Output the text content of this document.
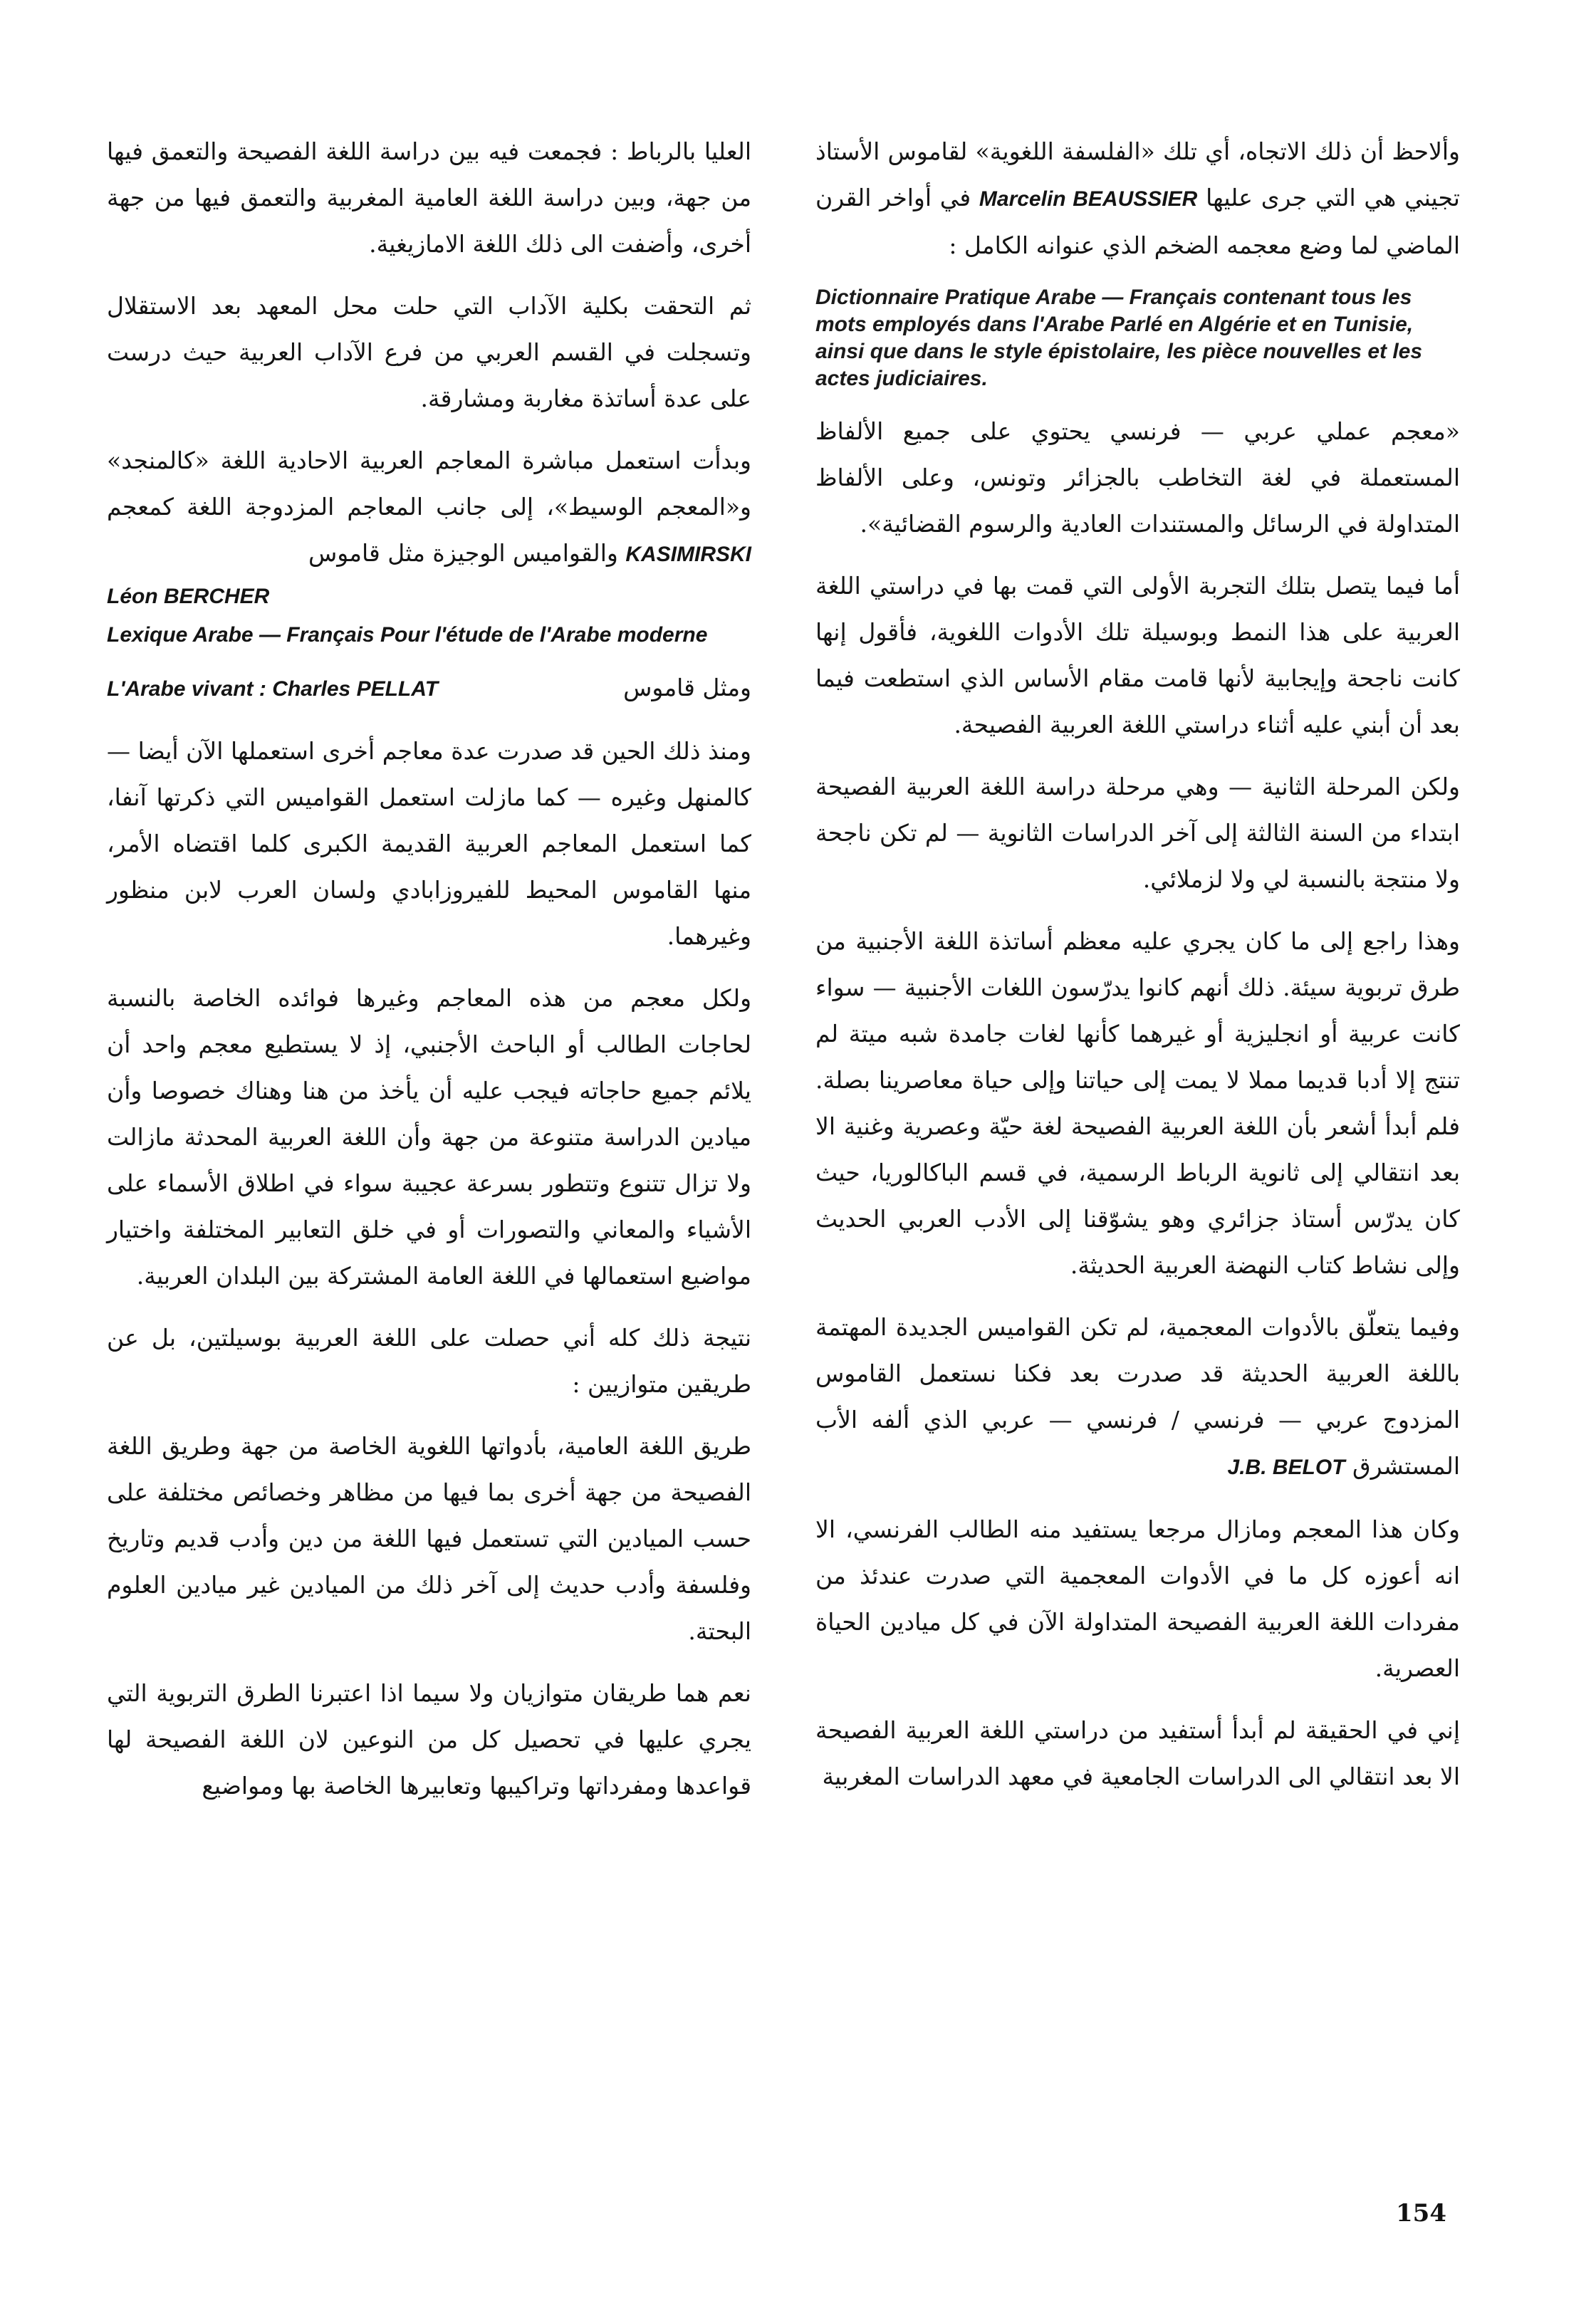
وألاحظ أن ذلك الاتجاه، أي تلك «الفلسفة اللغوية» لقاموس الأستاذ تجيني هي التي جرى عليها Marcelin BEAUSSIER في أواخر القرن الماضي لما وضع معجمه الضخم الذي عنوانه الكامل :

Dictionnaire Pratique Arabe — Français contenant tous les mots employés dans l'Arabe Parlé en Algérie et en Tunisie, ainsi que dans le style épistolaire, les pièce nouvelles et les actes judiciaires.

«معجم عملي عربي — فرنسي يحتوي على جميع الألفاظ المستعملة في لغة التخاطب بالجزائر وتونس، وعلى الألفاظ المتداولة في الرسائل والمستندات العادية والرسوم القضائية».

أما فيما يتصل بتلك التجربة الأولى التي قمت بها في دراستي اللغة العربية على هذا النمط وبوسيلة تلك الأدوات اللغوية، فأقول إنها كانت ناجحة وإيجابية لأنها قامت مقام الأساس الذي استطعت فيما بعد أن أبني عليه أثناء دراستي اللغة العربية الفصيحة.

ولكن المرحلة الثانية — وهي مرحلة دراسة اللغة العربية الفصيحة ابتداء من السنة الثالثة إلى آخر الدراسات الثانوية — لم تكن ناجحة ولا منتجة بالنسبة لي ولا لزملائي.

وهذا راجع إلى ما كان يجري عليه معظم أساتذة اللغة الأجنبية من طرق تربوية سيئة. ذلك أنهم كانوا يدرّسون اللغات الأجنبية — سواء كانت عربية أو انجليزية أو غيرهما كأنها لغات جامدة شبه ميتة لم تنتج إلا أدبا قديما مملا لا يمت إلى حياتنا وإلى حياة معاصرينا بصلة. فلم أبدأ أشعر بأن اللغة العربية الفصيحة لغة حيّة وعصرية وغنية الا بعد انتقالي إلى ثانوية الرباط الرسمية، في قسم الباكالوريا، حيث كان يدرّس أستاذ جزائري وهو يشوّقنا إلى الأدب العربي الحديث وإلى نشاط كتاب النهضة العربية الحديثة.

وفيما يتعلّق بالأدوات المعجمية، لم تكن القواميس الجديدة المهتمة باللغة العربية الحديثة قد صدرت بعد فكنا نستعمل القاموس المزدوج عربي — فرنسي / فرنسي — عربي الذي ألفه الأب المستشرق J.B. BELOT

وكان هذا المعجم ومازال مرجعا يستفيد منه الطالب الفرنسي، الا انه أعوزه كل ما في الأدوات المعجمية التي صدرت عندئذ من مفردات اللغة العربية الفصيحة المتداولة الآن في كل ميادين الحياة العصرية.

إني في الحقيقة لم أبدأ أستفيد من دراستي اللغة العربية الفصيحة الا بعد انتقالي الى الدراسات الجامعية في معهد الدراسات المغربية

العليا بالرباط : فجمعت فيه بين دراسة اللغة الفصيحة والتعمق فيها من جهة، وبين دراسة اللغة العامية المغربية والتعمق فيها من جهة أخرى، وأضفت الى ذلك اللغة الامازيغية.

ثم التحقت بكلية الآداب التي حلت محل المعهد بعد الاستقلال وتسجلت في القسم العربي من فرع الآداب العربية حيث درست على عدة أساتذة مغاربة ومشارقة.

وبدأت استعمل مباشرة المعاجم العربية الاحادية اللغة «كالمنجد» و«المعجم الوسيط»، إلى جانب المعاجم المزدوجة اللغة كمعجم KASIMIRSKI والقواميس الوجيزة مثل قاموس

Léon BERCHER
Lexique Arabe — Français Pour l'étude de l'Arabe moderne
ومثل قاموس
L'Arabe vivant : Charles PELLAT

ومنذ ذلك الحين قد صدرت عدة معاجم أخرى استعملها الآن أيضا — كالمنهل وغيره — كما مازلت استعمل القواميس التي ذكرتها آنفا، كما استعمل المعاجم العربية القديمة الكبرى كلما اقتضاه الأمر، منها القاموس المحيط للفيروزابادي ولسان العرب لابن منظور وغيرهما.

ولكل معجم من هذه المعاجم وغيرها فوائده الخاصة بالنسبة لحاجات الطالب أو الباحث الأجنبي، إذ لا يستطيع معجم واحد أن يلائم جميع حاجاته فيجب عليه أن يأخذ من هنا وهناك خصوصا وأن ميادين الدراسة متنوعة من جهة وأن اللغة العربية المحدثة مازالت ولا تزال تتنوع وتتطور بسرعة عجيبة سواء في اطلاق الأسماء على الأشياء والمعاني والتصورات أو في خلق التعابير المختلفة واختيار مواضيع استعمالها في اللغة العامة المشتركة بين البلدان العربية.

نتيجة ذلك كله أني حصلت على اللغة العربية بوسيلتين، بل عن طريقين متوازيين :

طريق اللغة العامية، بأدواتها اللغوية الخاصة من جهة وطريق اللغة الفصيحة من جهة أخرى بما فيها من مظاهر وخصائص مختلفة على حسب الميادين التي تستعمل فيها اللغة من دين وأدب قديم وتاريخ وفلسفة وأدب حديث إلى آخر ذلك من الميادين غير ميادين العلوم البحتة.

نعم هما طريقان متوازيان ولا سيما اذا اعتبرنا الطرق التربوية التي يجري عليها في تحصيل كل من النوعين لان اللغة الفصيحة لها قواعدها ومفرداتها وتراكيبها وتعابيرها الخاصة بها ومواضيع

154
